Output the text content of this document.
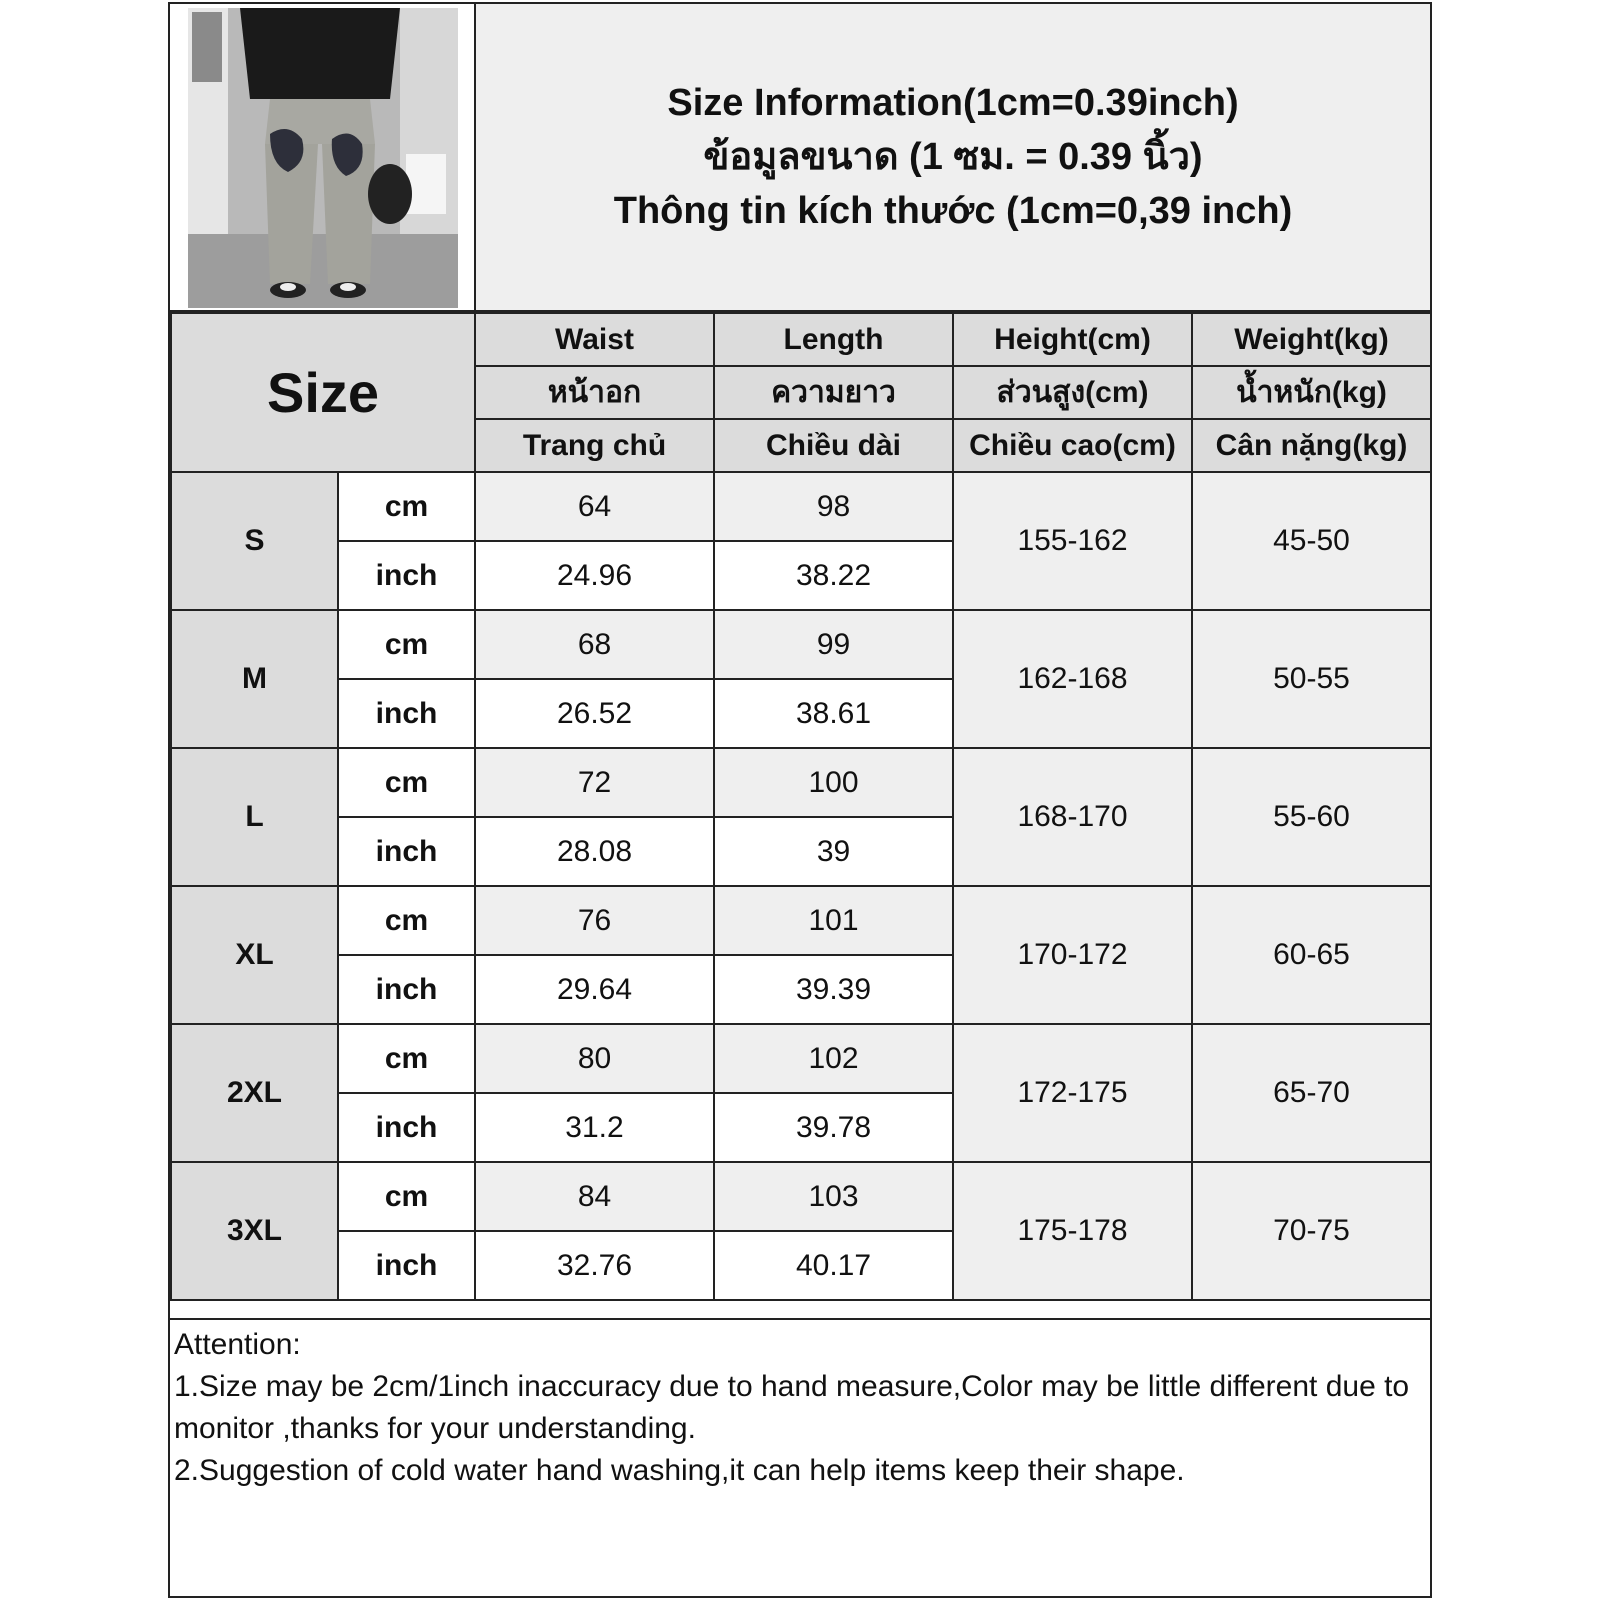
Size Information(1cm=0.39inch)
ข้อมูลขนาด (1 ซม. = 0.39 นิ้ว)
Thông tin kích thước (1cm=0,39 inch)
Size		Waist	Length	Height(cm)	Weight(kg)
		หน้าอก	ความยาว	ส่วนสูง(cm)	น้ำหนัก(kg)
		Trang chủ	Chiều dài	Chiều cao(cm)	Cân nặng(kg)
S	cm	64	98	155-162	45-50
	inch	24.96	38.22		
M	cm	68	99	162-168	50-55
	inch	26.52	38.61		
L	cm	72	100	168-170	55-60
	inch	28.08	39		
XL	cm	76	101	170-172	60-65
	inch	29.64	39.39		
2XL	cm	80	102	172-175	65-70
	inch	31.2	39.78		
3XL	cm	84	103	175-178	70-75
	inch	32.76	40.17		
Attention:
1.Size may be 2cm/1inch inaccuracy due to hand measure,Color may be little different due to monitor ,thanks for your understanding.
2.Suggestion of cold water hand washing,it can help items keep their shape.
